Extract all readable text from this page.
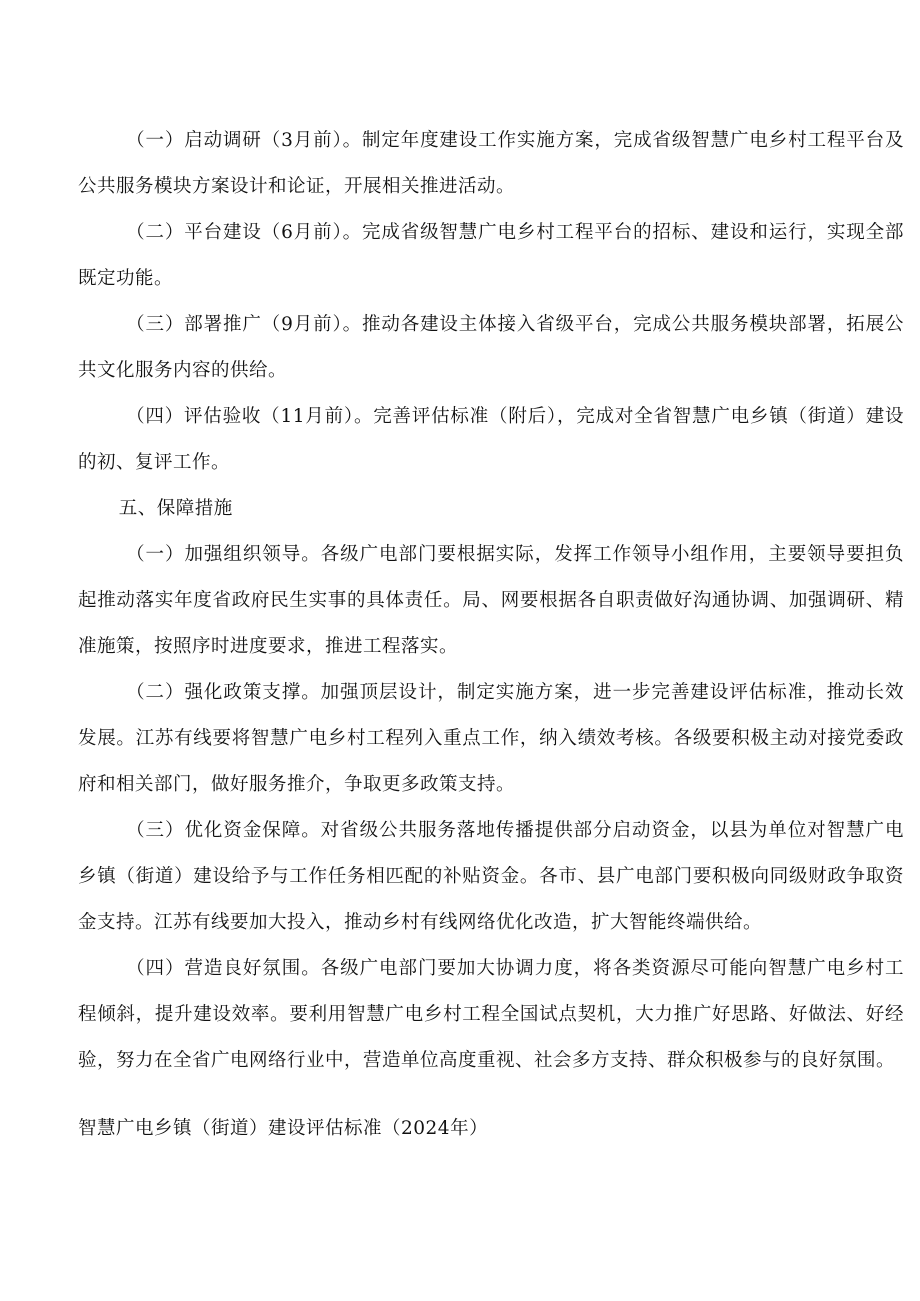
（一）启动调研（3月前）。制定年度建设工作实施方案，完成省级智慧广电乡村工程平台及公共服务模块方案设计和论证，开展相关推进活动。

（二）平台建设（6月前）。完成省级智慧广电乡村工程平台的招标、建设和运行，实现全部既定功能。

（三）部署推广（9月前）。推动各建设主体接入省级平台，完成公共服务模块部署，拓展公共文化服务内容的供给。

（四）评估验收（11月前）。完善评估标准（附后），完成对全省智慧广电乡镇（街道）建设的初、复评工作。

五、保障措施

（一）加强组织领导。各级广电部门要根据实际，发挥工作领导小组作用，主要领导要担负起推动落实年度省政府民生实事的具体责任。局、网要根据各自职责做好沟通协调、加强调研、精准施策，按照序时进度要求，推进工程落实。

（二）强化政策支撑。加强顶层设计，制定实施方案，进一步完善建设评估标准，推动长效发展。江苏有线要将智慧广电乡村工程列入重点工作，纳入绩效考核。各级要积极主动对接党委政府和相关部门，做好服务推介，争取更多政策支持。

（三）优化资金保障。对省级公共服务落地传播提供部分启动资金，以县为单位对智慧广电乡镇（街道）建设给予与工作任务相匹配的补贴资金。各市、县广电部门要积极向同级财政争取资金支持。江苏有线要加大投入，推动乡村有线网络优化改造，扩大智能终端供给。

（四）营造良好氛围。各级广电部门要加大协调力度，将各类资源尽可能向智慧广电乡村工程倾斜，提升建设效率。要利用智慧广电乡村工程全国试点契机，大力推广好思路、好做法、好经验，努力在全省广电网络行业中，营造单位高度重视、社会多方支持、群众积极参与的良好氛围。

智慧广电乡镇（街道）建设评估标准（2024年）
